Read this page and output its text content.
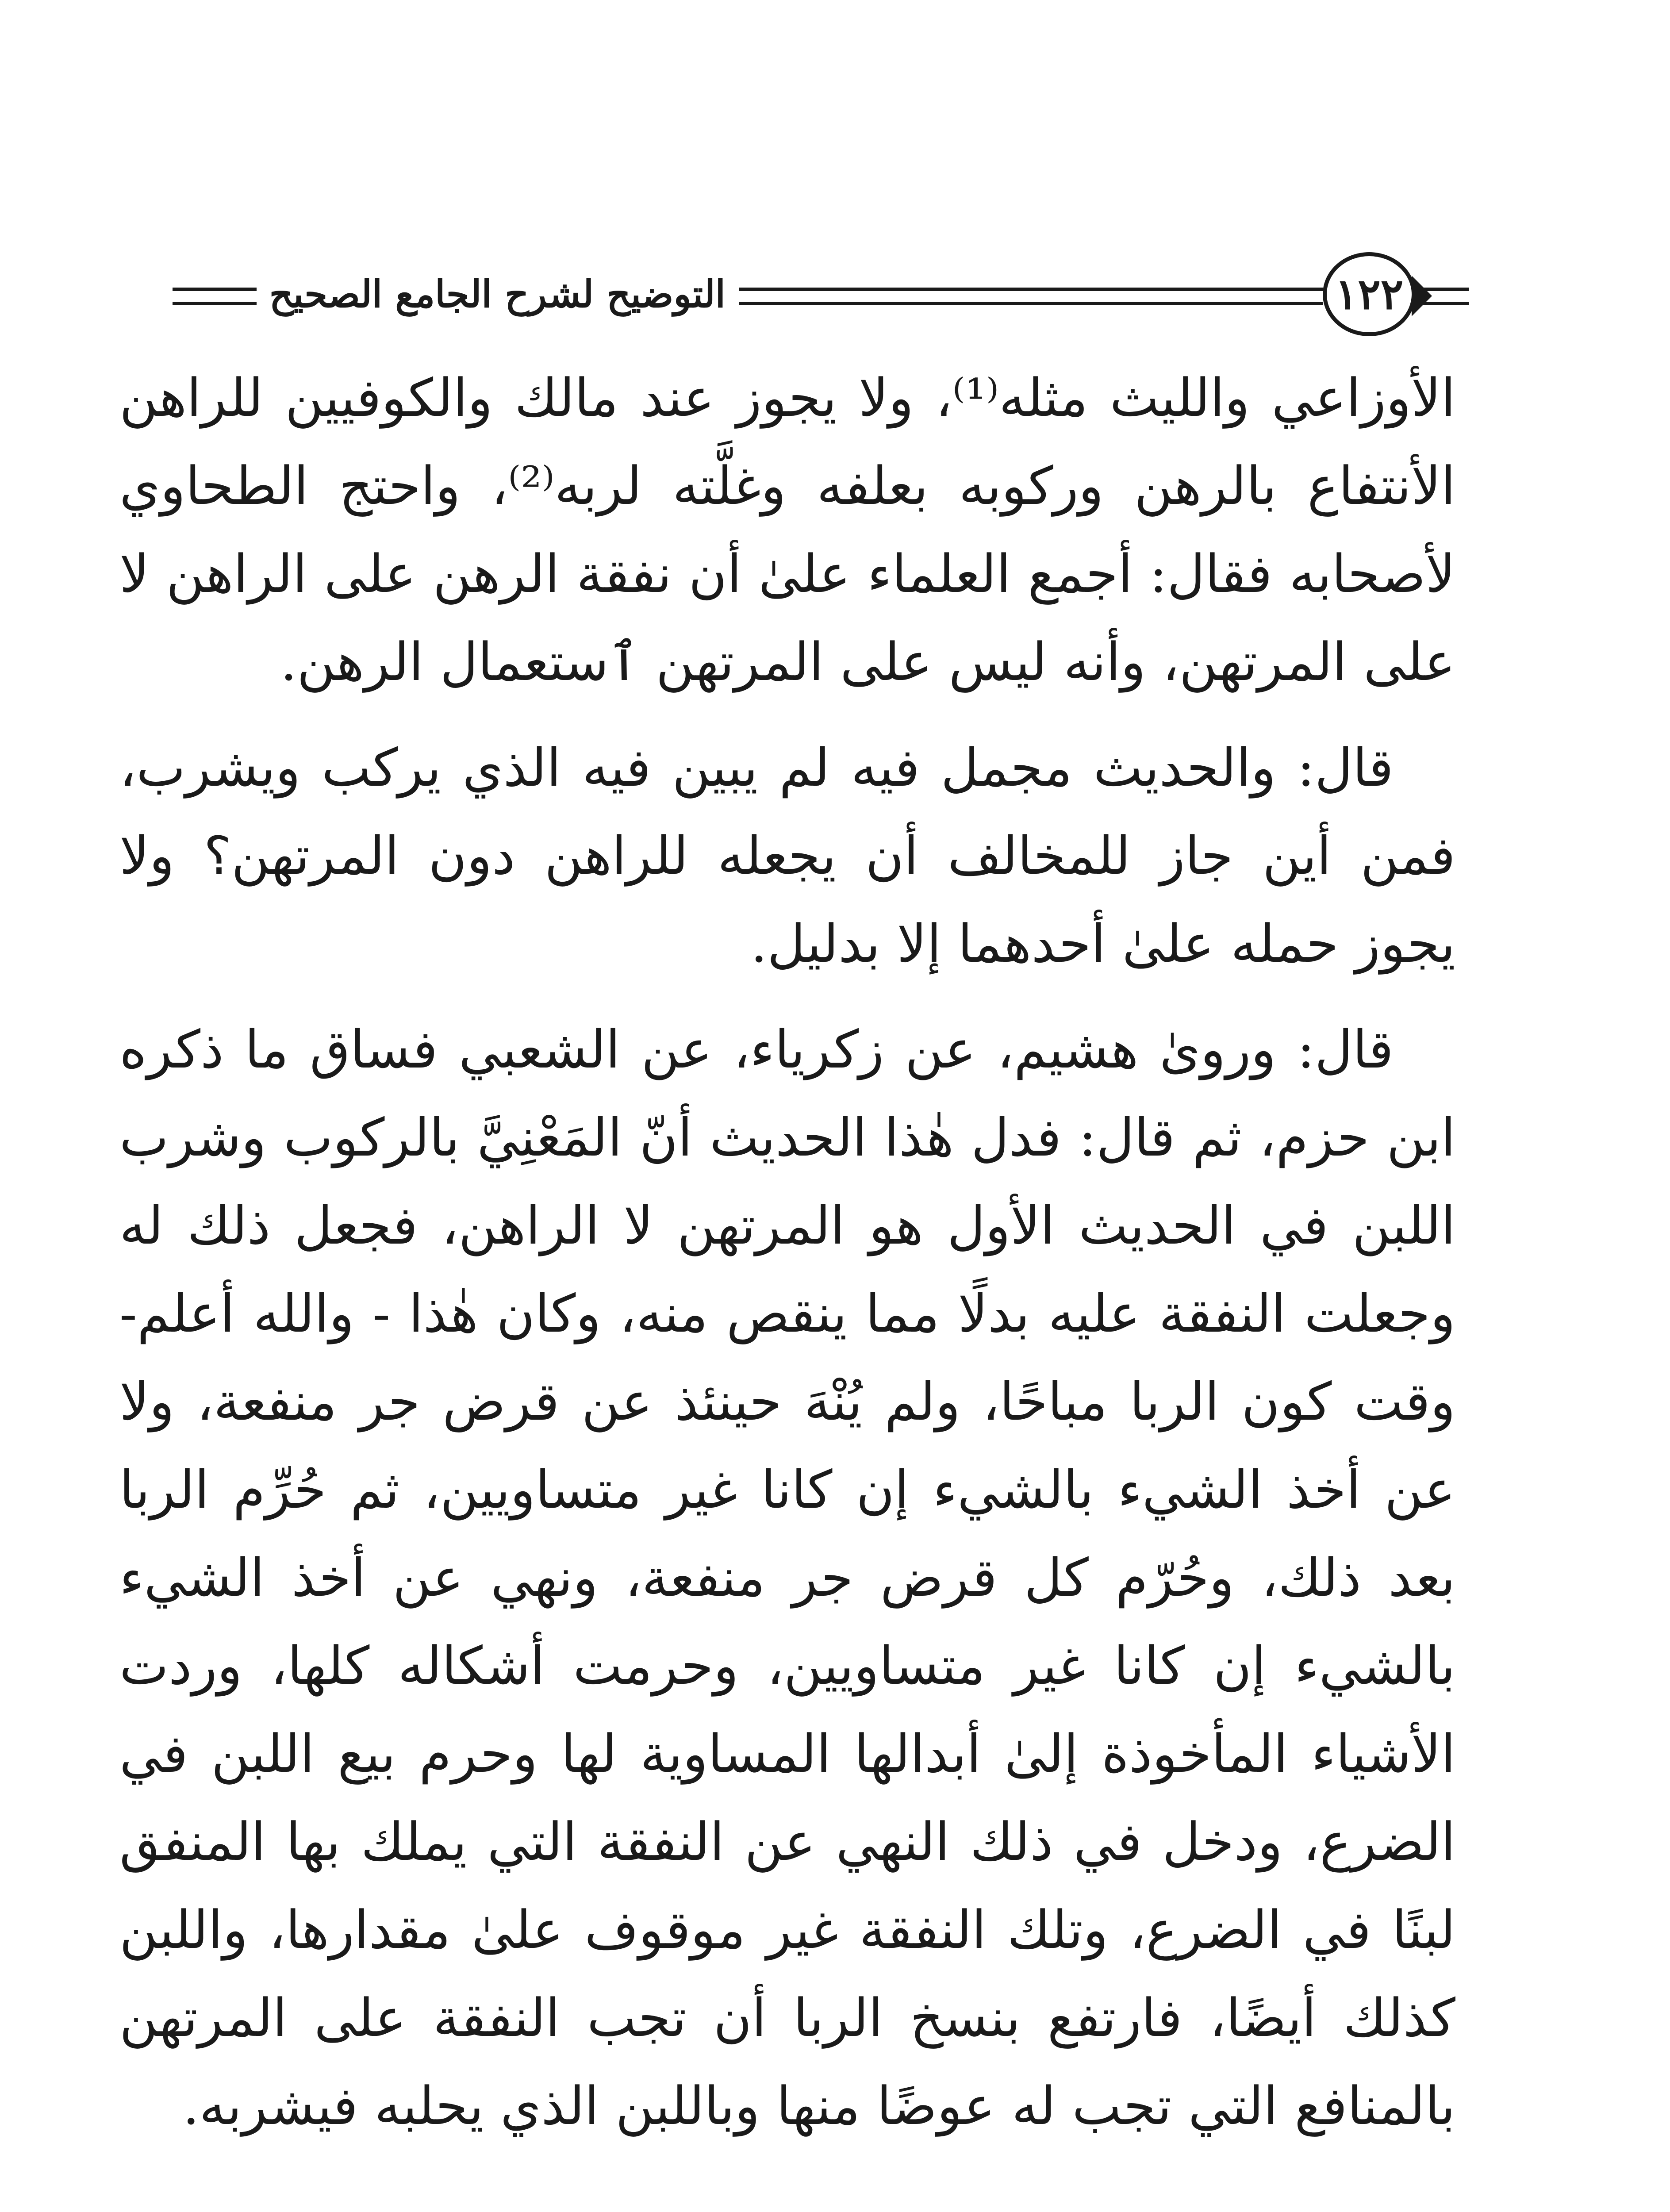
التوضيح لشرح الجامع الصحيح	١٢٢

الأوزاعي والليث مثله⁽¹⁾، ولا يجوز عند مالك والكوفيين للراهن الأنتفاع بالرهن وركوبه بعلفه وغلَّته لربه⁽²⁾، واحتج الطحاوي لأصحابه فقال: أجمع العلماء علىٰ أن نفقة الرهن على الراهن لا على المرتهن، وأنه ليس على المرتهن ٱستعمال الرهن.

قال: والحديث مجمل فيه لم يبين فيه الذي يركب ويشرب، فمن أين جاز للمخالف أن يجعله للراهن دون المرتهن؟ ولا يجوز حمله علىٰ أحدهما إلا بدليل.

قال: ورویٰ هشيم، عن زكرياء، عن الشعبي فساق ما ذكره ابن حزم، ثم قال: فدل هٰذا الحديث أنّ المَعْنِيَّ بالركوب وشرب اللبن في الحديث الأول هو المرتهن لا الراهن، فجعل ذلك له وجعلت النفقة عليه بدلًا مما ينقص منه، وكان هٰذا - والله أعلم- وقت كون الربا مباحًا، ولم يُنْهَ حينئذ عن قرض جر منفعة، ولا عن أخذ الشيء بالشيء إن كانا غير متساويين، ثم حُرِّم الربا بعد ذلك، وحُرّم كل قرض جر منفعة، ونهي عن أخذ الشيء بالشيء إن كانا غير متساويين، وحرمت أشكاله كلها، وردت الأشياء المأخوذة إلىٰ أبدالها المساوية لها وحرم بيع اللبن في الضرع، ودخل في ذلك النهي عن النفقة التي يملك بها المنفق لبنًا في الضرع، وتلك النفقة غير موقوف علىٰ مقدارها، واللبن كذلك أيضًا، فارتفع بنسخ الربا أن تجب النفقة على المرتهن بالمنافع التي تجب له عوضًا منها وباللبن الذي يحلبه فيشربه.
